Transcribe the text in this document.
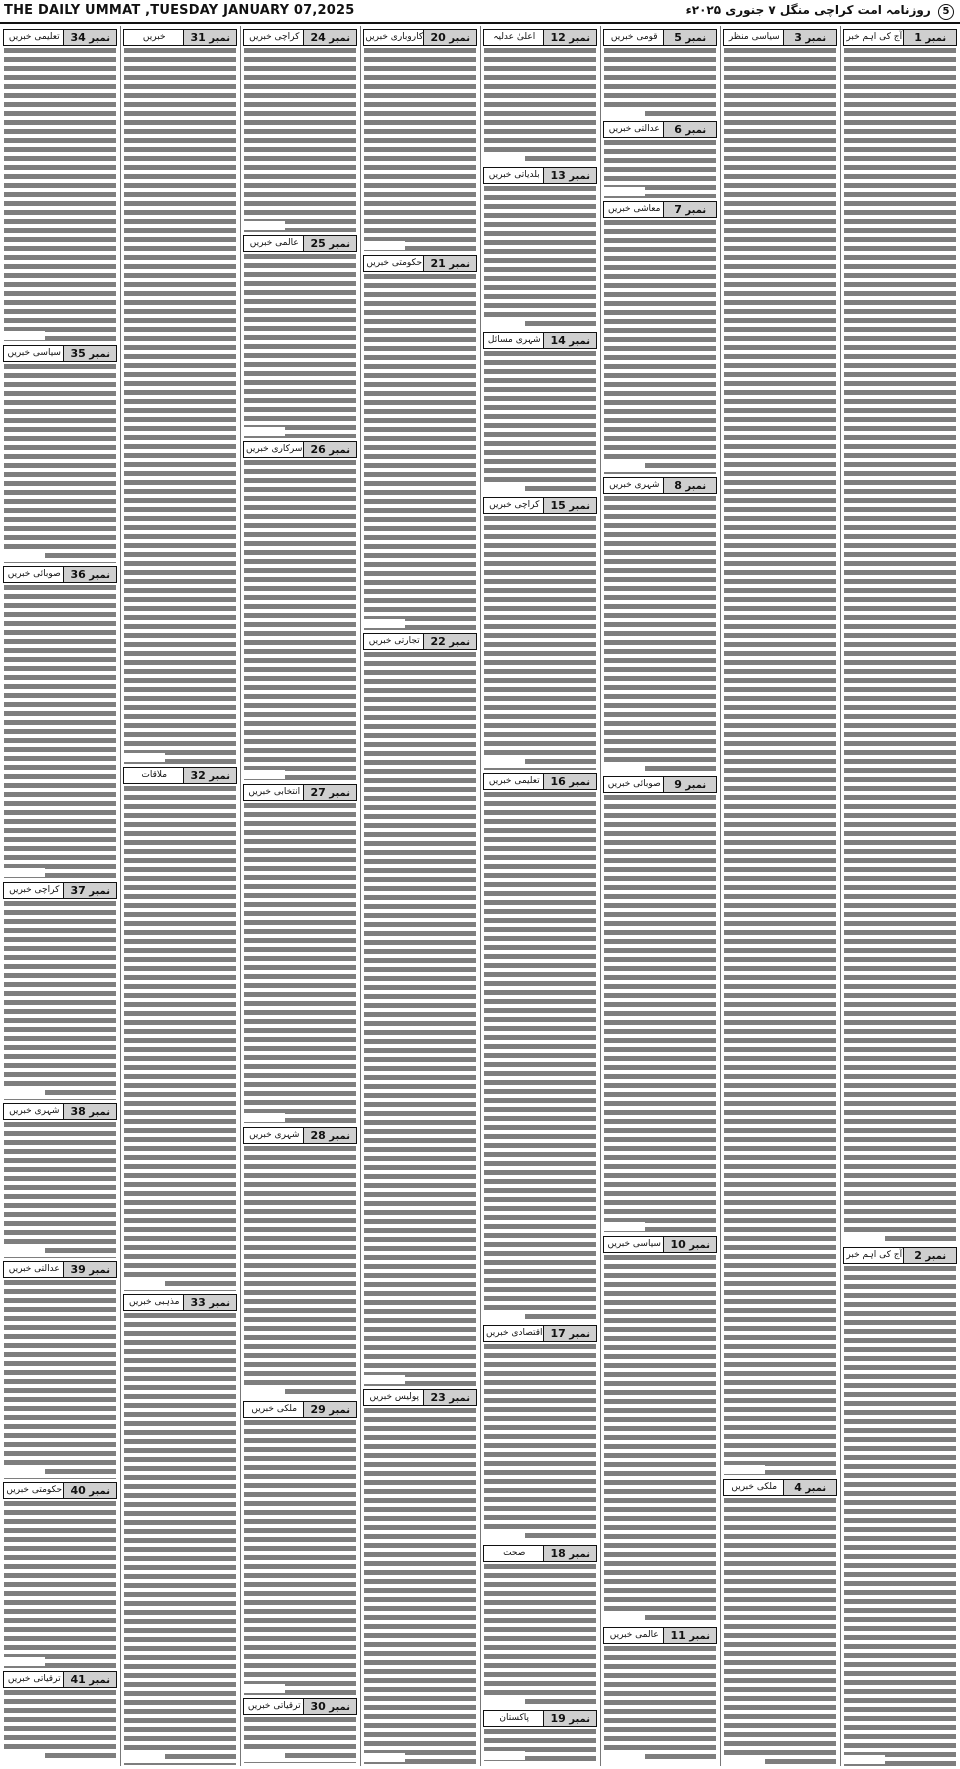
THE DAILY UMMAT ,TUESDAY JANUARY 07,2025	5 روزنامہ امت کراچی منگل ۷ جنوری ۲۰۲۵ء
نمبر 1
آج کی اہم خبر
نمبر 2
آج کی اہم خبر
نمبر 3
سیاسی منظر
نمبر 4
ملکی خبریں
نمبر 5
قومی خبریں
نمبر 6
عدالتی خبریں
نمبر 7
معاشی خبریں
نمبر 8
شہری خبریں
نمبر 9
صوبائی خبریں
نمبر 10
سیاسی خبریں
نمبر 11
عالمی خبریں
نمبر 12
اعلیٰ عدلیہ
نمبر 13
بلدیاتی خبریں
نمبر 14
شہری مسائل
نمبر 15
کراچی خبریں
نمبر 16
تعلیمی خبریں
نمبر 17
اقتصادی خبریں
نمبر 18
صحت
نمبر 19
پاکستان
نمبر 20
کاروباری خبریں
نمبر 21
حکومتی خبریں
نمبر 22
تجارتی خبریں
نمبر 23
پولیس خبریں
نمبر 24
کراچی خبریں
نمبر 25
عالمی خبریں
نمبر 26
سرکاری خبریں
نمبر 27
انتخابی خبریں
نمبر 28
شہری خبریں
نمبر 29
ملکی خبریں
نمبر 30
ترقیاتی خبریں
نمبر 31
خبریں
نمبر 32
ملاقات
نمبر 33
مذہبی خبریں
نمبر 34
تعلیمی خبریں
نمبر 35
سیاسی خبریں
نمبر 36
صوبائی خبریں
نمبر 37
کراچی خبریں
نمبر 38
شہری خبریں
نمبر 39
عدالتی خبریں
نمبر 40
حکومتی خبریں
نمبر 41
ترقیاتی خبریں
